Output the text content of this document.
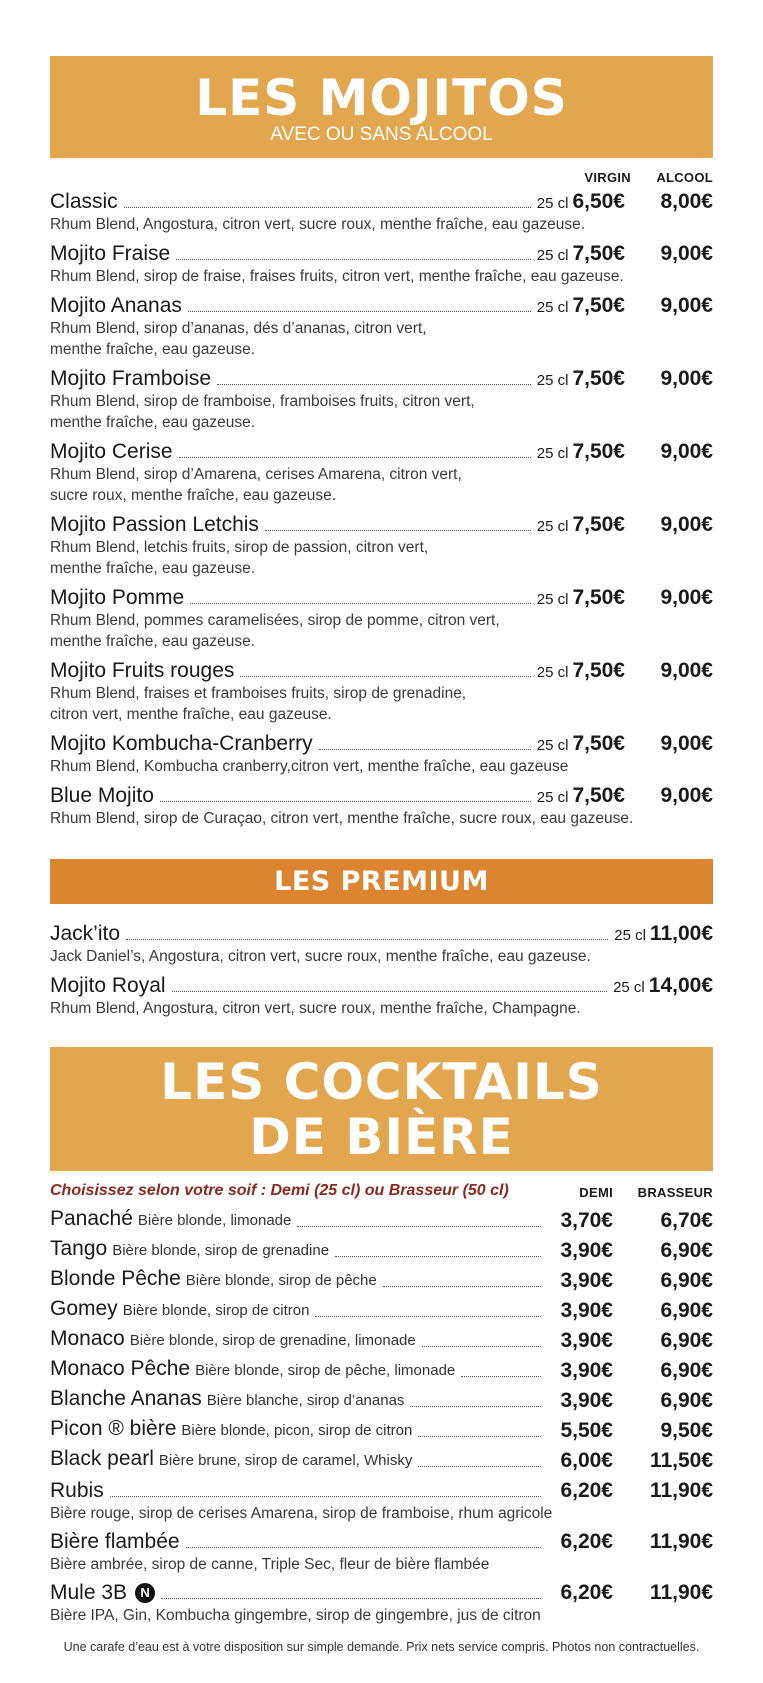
LES MOJITOS
AVEC OU SANS ALCOOL
VIRGIN ALCOOL
Classic	25 cl 6,50€	8,00€
Rhum Blend, Angostura, citron vert, sucre roux, menthe fraîche, eau gazeuse.
Mojito Fraise	25 cl 7,50€	9,00€
Rhum Blend, sirop de fraise, fraises fruits, citron vert, menthe fraîche, eau gazeuse.
Mojito Ananas	25 cl 7,50€	9,00€
Rhum Blend, sirop d’ananas, dés d’ananas, citron vert,
menthe fraîche, eau gazeuse.
Mojito Framboise	25 cl 7,50€	9,00€
Rhum Blend, sirop de framboise, framboises fruits, citron vert,
menthe fraîche, eau gazeuse.
Mojito Cerise	25 cl 7,50€	9,00€
Rhum Blend, sirop d’Amarena, cerises Amarena, citron vert,
sucre roux, menthe fraîche, eau gazeuse.
Mojito Passion Letchis	25 cl 7,50€	9,00€
Rhum Blend, letchis fruits, sirop de passion, citron vert,
menthe fraîche, eau gazeuse.
Mojito Pomme	25 cl 7,50€	9,00€
Rhum Blend, pommes caramelisées, sirop de pomme, citron vert,
menthe fraîche, eau gazeuse.
Mojito Fruits rouges	25 cl 7,50€	9,00€
Rhum Blend, fraises et framboises fruits, sirop de grenadine,
citron vert, menthe fraîche, eau gazeuse.
Mojito Kombucha-Cranberry	25 cl 7,50€	9,00€
Rhum Blend, Kombucha cranberry,citron vert, menthe fraîche, eau gazeuse
Blue Mojito	25 cl 7,50€	9,00€
Rhum Blend, sirop de Curaçao, citron vert, menthe fraîche, sucre roux, eau gazeuse.
LES PREMIUM
Jack’ito	25 cl 11,00€
Jack Daniel’s, Angostura, citron vert, sucre roux, menthe fraîche, eau gazeuse.
Mojito Royal	25 cl 14,00€
Rhum Blend, Angostura, citron vert, sucre roux, menthe fraîche, Champagne.
LES COCKTAILS
DE BIÈRE
Choisissez selon votre soif : Demi (25 cl) ou Brasseur (50 cl)	DEMI BRASSEUR
Panaché Bière blonde, limonade	3,70€	6,70€
Tango Bière blonde, sirop de grenadine	3,90€	6,90€
Blonde Pêche Bière blonde, sirop de pêche	3,90€	6,90€
Gomey Bière blonde, sirop de citron	3,90€	6,90€
Monaco Bière blonde, sirop de grenadine, limonade	3,90€	6,90€
Monaco Pêche Bière blonde, sirop de pêche, limonade	3,90€	6,90€
Blanche Ananas Bière blanche, sirop d’ananas	3,90€	6,90€
Picon ® bière Bière blonde, picon, sirop de citron	5,50€	9,50€
Black pearl Bière brune, sirop de caramel, Whisky	6,00€	11,50€
Rubis	6,20€	11,90€
Bière rouge, sirop de cerises Amarena, sirop de framboise, rhum agricole
Bière flambée	6,20€	11,90€
Bière ambrée, sirop de canne, Triple Sec, fleur de bière flambée
Mule 3B N	6,20€	11,90€
Bière IPA, Gin, Kombucha gingembre, sirop de gingembre, jus de citron
Une carafe d’eau est à votre disposition sur simple demande. Prix nets service compris. Photos non contractuelles.
